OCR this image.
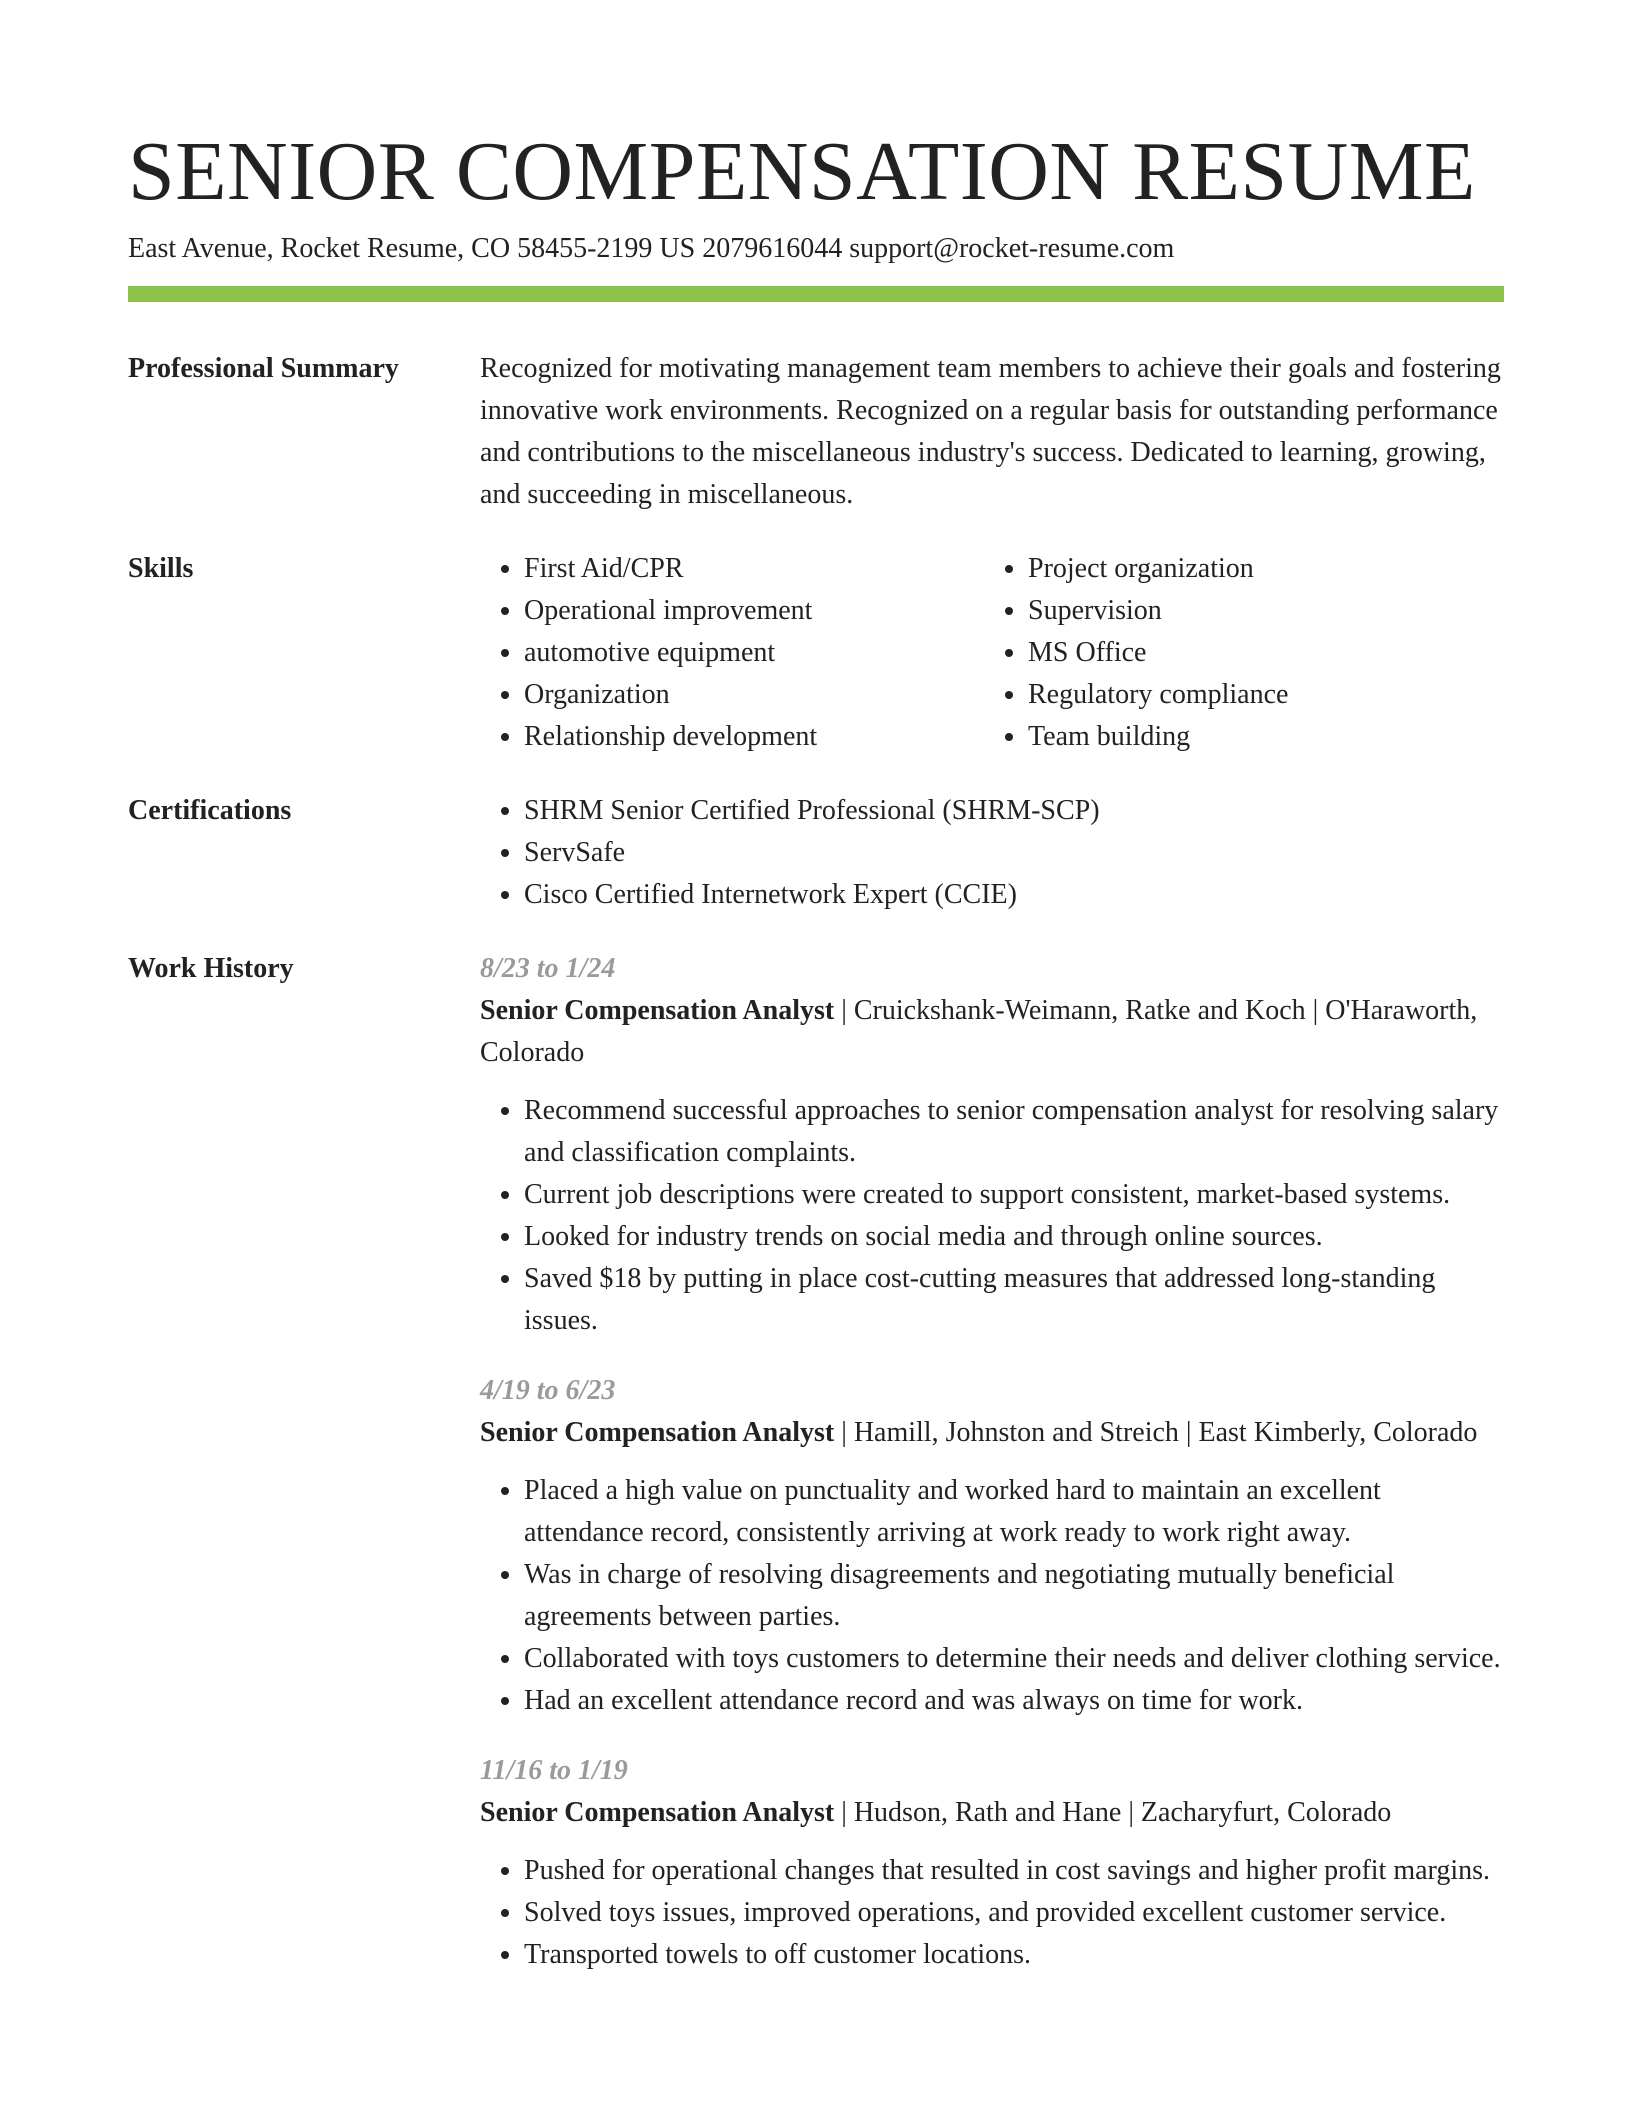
SENIOR COMPENSATION RESUME
East Avenue, Rocket Resume, CO 58455-2199 US 2079616044 support@rocket-resume.com
Professional Summary	Recognized for motivating management team members to achieve their goals and fostering innovative work environments. Recognized on a regular basis for outstanding performance and contributions to the miscellaneous industry's success. Dedicated to learning, growing, and succeeding in miscellaneous.

Skills	• First Aid/CPR
• Operational improvement
• automotive equipment
• Organization
• Relationship development
• Project organization
• Supervision
• MS Office
• Regulatory compliance
• Team building
Certifications	• SHRM Senior Certified Professional (SHRM-SCP)
• ServSafe
• Cisco Certified Internetwork Expert (CCIE)
Work History	8/23 to 1/24
Senior Compensation Analyst | Cruickshank-Weimann, Ratke and Koch | O'Haraworth, Colorado
• Recommend successful approaches to senior compensation analyst for resolving salary and classification complaints.
• Current job descriptions were created to support consistent, market-based systems.
• Looked for industry trends on social media and through online sources.
• Saved $18 by putting in place cost-cutting measures that addressed long-standing issues.
4/19 to 6/23
Senior Compensation Analyst | Hamill, Johnston and Streich | East Kimberly, Colorado
• Placed a high value on punctuality and worked hard to maintain an excellent attendance record, consistently arriving at work ready to work right away.
• Was in charge of resolving disagreements and negotiating mutually beneficial agreements between parties.
• Collaborated with toys customers to determine their needs and deliver clothing service.
• Had an excellent attendance record and was always on time for work.
11/16 to 1/19
Senior Compensation Analyst | Hudson, Rath and Hane | Zacharyfurt, Colorado
• Pushed for operational changes that resulted in cost savings and higher profit margins.
• Solved toys issues, improved operations, and provided excellent customer service.
• Transported towels to off customer locations.
